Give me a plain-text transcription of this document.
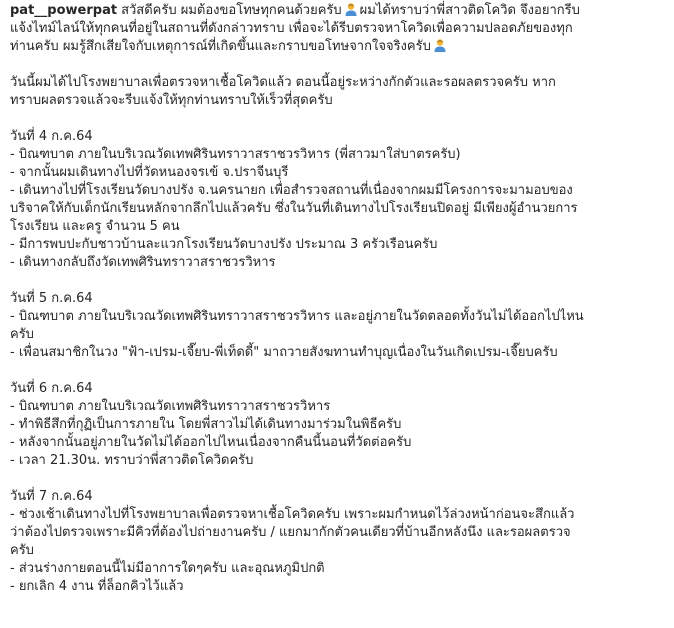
pat__powerpat สวัสดีครับ ผมต้องขอโทษทุกคนด้วยครับ ผมได้ทราบว่าพี่สาวติดโควิด จึงอยากรีบ
แจ้งไทม์ไลน์ให้ทุกคนที่อยู่ในสถานที่ดังกล่าวทราบ เพื่อจะได้รีบตรวจหาโควิดเพื่อความปลอดภัยของทุก
ท่านครับ ผมรู้สึกเสียใจกับเหตุการณ์ที่เกิดขึ้นและกราบขอโทษจากใจจริงครับ
วันนี้ผมได้ไปโรงพยาบาลเพื่อตรวจหาเชื้อโควิดแล้ว ตอนนี้อยู่ระหว่างกักตัวและรอผลตรวจครับ หาก
ทราบผลตรวจแล้วจะรีบแจ้งให้ทุกท่านทราบให้เร็วที่สุดครับ
วันที่ 4 ก.ค.64
- บิณฑบาต ภายในบริเวณวัดเทพศิรินทราวาสราชวรวิหาร (พี่สาวมาใส่บาตรครับ)
- จากนั้นผมเดินทางไปที่วัดหนองจรเข้ จ.ปราจีนบุรี
- เดินทางไปที่โรงเรียนวัดบางปรัง จ.นครนายก เพื่อสำรวจสถานที่เนื่องจากผมมีโครงการจะมามอบของ
บริจาคให้กับเด็กนักเรียนหลักจากลึกไปแล้วครับ ซึ่งในวันที่เดินทางไปโรงเรียนปิดอยู่ มีเพียงผู้อำนวยการ
โรงเรียน และครู จำนวน 5 คน
- มีการพบปะกับชาวบ้านละแวกโรงเรียนวัดบางปรัง ประมาณ 3 ครัวเรือนครับ
- เดินทางกลับถึงวัดเทพศิรินทราวาสราชวรวิหาร
วันที่ 5 ก.ค.64
- บิณฑบาต ภายในบริเวณวัดเทพศิรินทราวาสราชวรวิหาร และอยู่ภายในวัดตลอดทั้งวันไม่ได้ออกไปไหน
ครับ
- เพื่อนสมาชิกในวง "ฟ้า-เปรม-เจี๊ยบ-พี่เท็ดดี้" มาถวายสังฆทานทำบุญเนื่องในวันเกิดเปรม-เจี๊ยบครับ
วันที่ 6 ก.ค.64
- บิณฑบาต ภายในบริเวณวัดเทพศิรินทราวาสราชวรวิหาร
- ทำพิธีสึกที่กุฏิเป็นการภายใน โดยพี่สาวไม่ได้เดินทางมาร่วมในพิธีครับ
- หลังจากนั้นอยู่ภายในวัดไม่ได้ออกไปไหนเนื่องจากคืนนี้นอนที่วัดต่อครับ
- เวลา 21.30น. ทราบว่าพี่สาวติดโควิดครับ
วันที่ 7 ก.ค.64
- ช่วงเช้าเดินทางไปที่โรงพยาบาลเพื่อตรวจหาเชื้อโควิดครับ เพราะผมกำหนดไว้ล่วงหน้าก่อนจะสึกแล้ว
ว่าต้องไปตรวจเพราะมีคิวที่ต้องไปถ่ายงานครับ / แยกมากักตัวคนเดียวที่บ้านอีกหลังนึง และรอผลตรวจ
ครับ
- ส่วนร่างกายตอนนี้ไม่มีอาการใดๆครับ และอุณหภูมิปกติ
- ยกเลิก 4 งาน ที่ล็อกคิวไว้แล้ว
